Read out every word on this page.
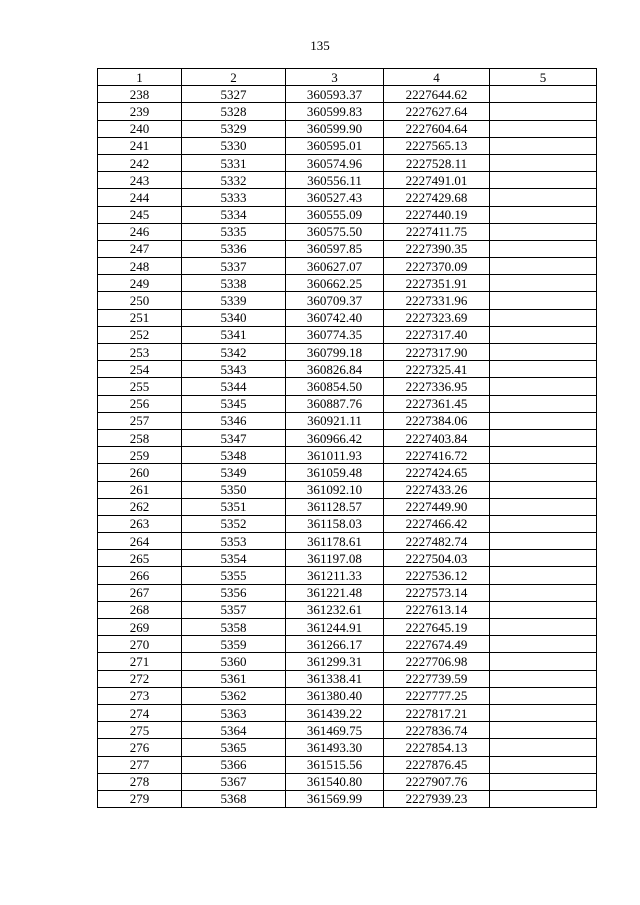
135
1	2	3	4	5
238	5327	360593.37	2227644.62	
239	5328	360599.83	2227627.64	
240	5329	360599.90	2227604.64	
241	5330	360595.01	2227565.13	
242	5331	360574.96	2227528.11	
243	5332	360556.11	2227491.01	
244	5333	360527.43	2227429.68	
245	5334	360555.09	2227440.19	
246	5335	360575.50	2227411.75	
247	5336	360597.85	2227390.35	
248	5337	360627.07	2227370.09	
249	5338	360662.25	2227351.91	
250	5339	360709.37	2227331.96	
251	5340	360742.40	2227323.69	
252	5341	360774.35	2227317.40	
253	5342	360799.18	2227317.90	
254	5343	360826.84	2227325.41	
255	5344	360854.50	2227336.95	
256	5345	360887.76	2227361.45	
257	5346	360921.11	2227384.06	
258	5347	360966.42	2227403.84	
259	5348	361011.93	2227416.72	
260	5349	361059.48	2227424.65	
261	5350	361092.10	2227433.26	
262	5351	361128.57	2227449.90	
263	5352	361158.03	2227466.42	
264	5353	361178.61	2227482.74	
265	5354	361197.08	2227504.03	
266	5355	361211.33	2227536.12	
267	5356	361221.48	2227573.14	
268	5357	361232.61	2227613.14	
269	5358	361244.91	2227645.19	
270	5359	361266.17	2227674.49	
271	5360	361299.31	2227706.98	
272	5361	361338.41	2227739.59	
273	5362	361380.40	2227777.25	
274	5363	361439.22	2227817.21	
275	5364	361469.75	2227836.74	
276	5365	361493.30	2227854.13	
277	5366	361515.56	2227876.45	
278	5367	361540.80	2227907.76	
279	5368	361569.99	2227939.23	
